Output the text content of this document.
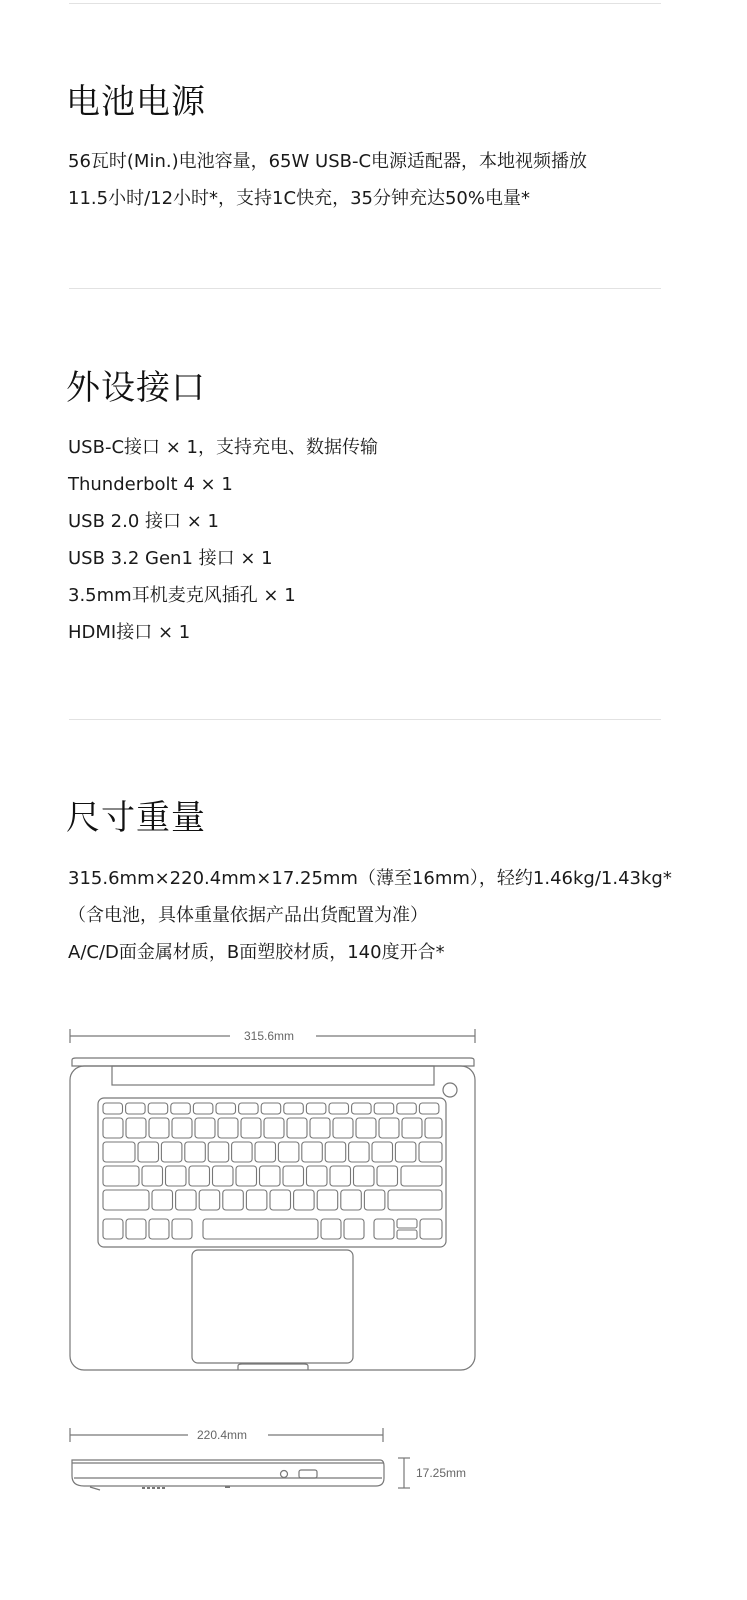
电池电源
56瓦时(Min.)电池容量，65W USB-C电源适配器，本地视频播放
11.5小时/12小时*，支持1C快充，35分钟充达50%电量*
外设接口
USB-C接口 × 1，支持充电、数据传输
Thunderbolt 4 × 1
USB 2.0 接口 × 1
USB 3.2 Gen1 接口 × 1
3.5mm耳机麦克风插孔 × 1
HDMI接口 × 1
尺寸重量
315.6mm×220.4mm×17.25mm（薄至16mm），轻约1.46kg/1.43kg*
（含电池，具体重量依据产品出货配置为准）
A/C/D面金属材质，B面塑胶材质，140度开合*
315.6mm
220.4mm
17.25mm
